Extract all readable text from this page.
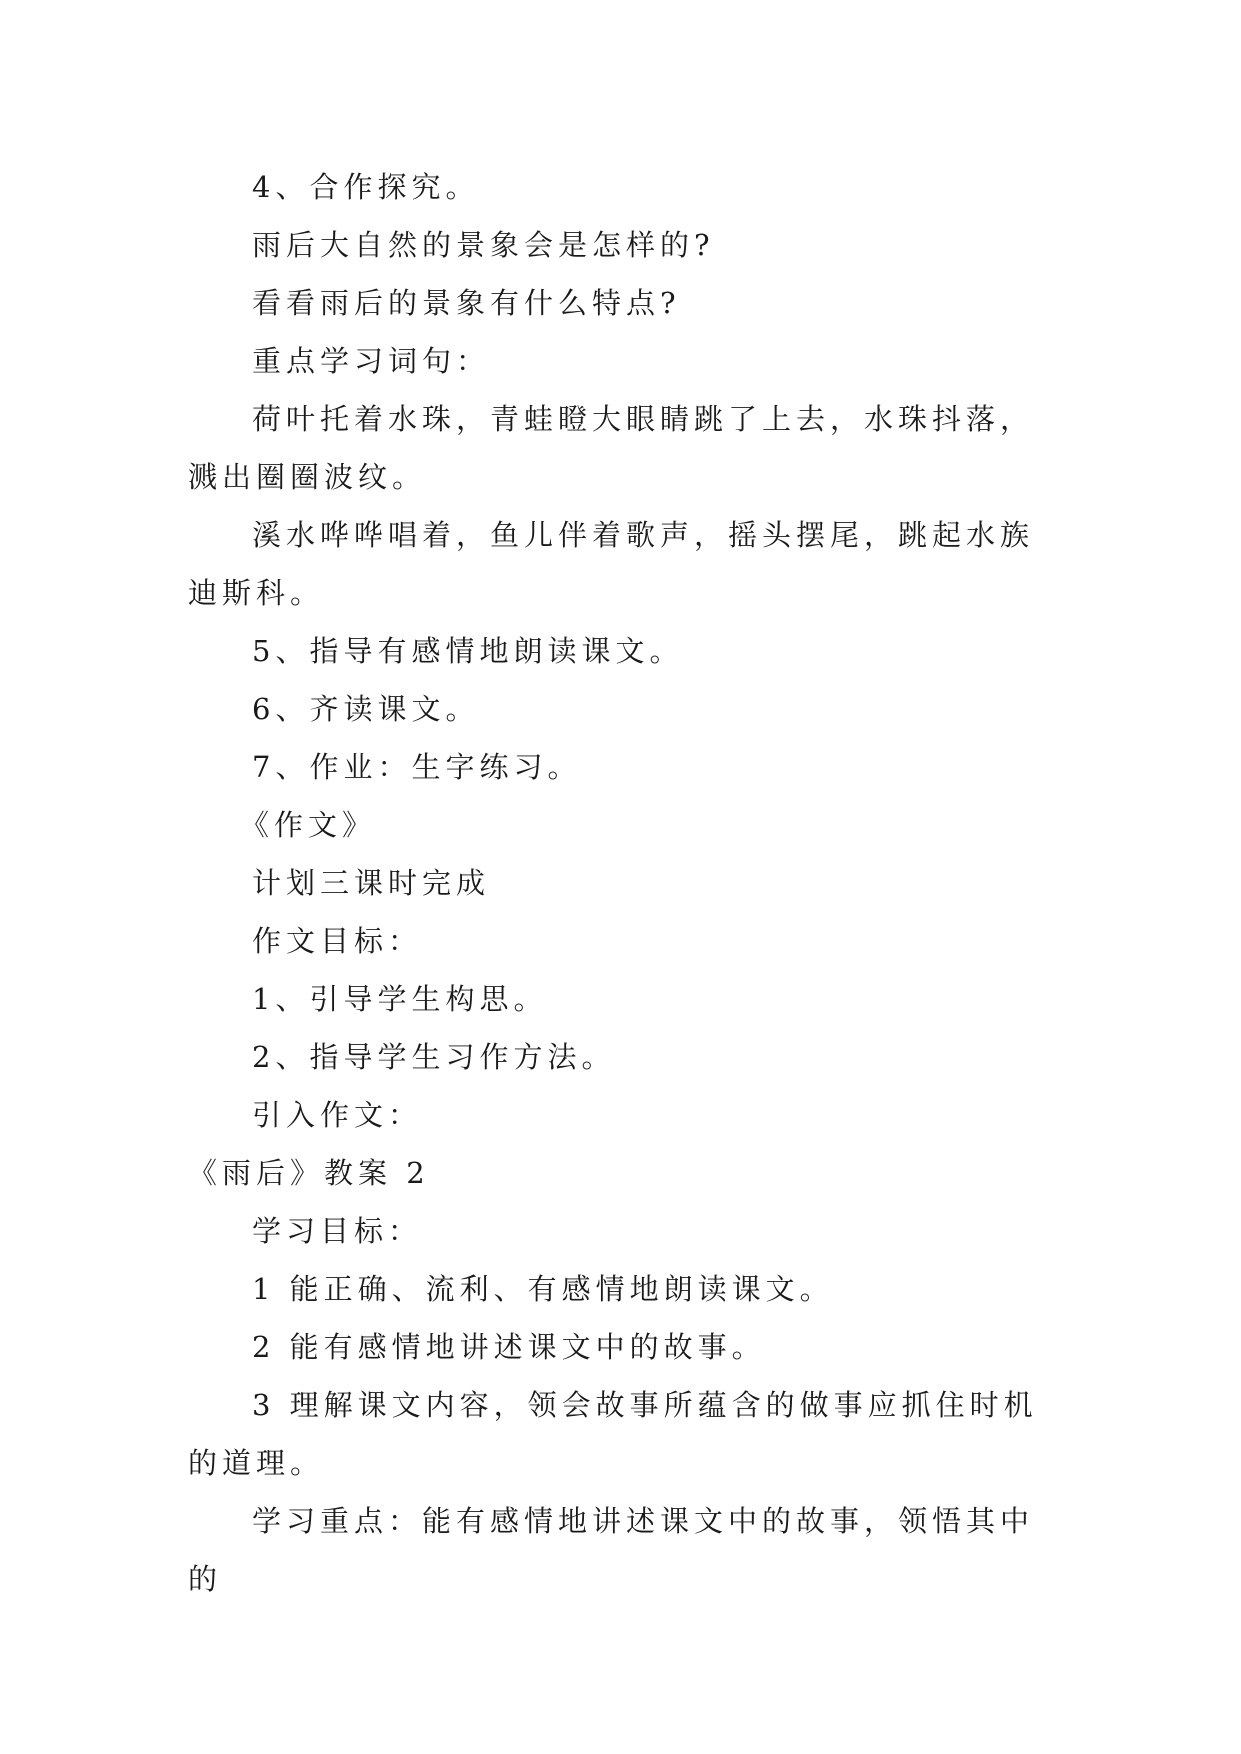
4、合作探究。

雨后大自然的景象会是怎样的?

看看雨后的景象有什么特点?

重点学习词句：

荷叶托着水珠，青蛙瞪大眼睛跳了上去，水珠抖落，溅出圈圈波纹。

溪水哗哗唱着，鱼儿伴着歌声，摇头摆尾，跳起水族迪斯科。

5、指导有感情地朗读课文。

6、齐读课文。

7、作业：生字练习。

《作文》

计划三课时完成

作文目标：

1、引导学生构思。

2、指导学生习作方法。

引入作文：

《雨后》教案 2

学习目标：

1 能正确、流利、有感情地朗读课文。

2 能有感情地讲述课文中的故事。

3 理解课文内容，领会故事所蕴含的做事应抓住时机的道理。

学习重点：能有感情地讲述课文中的故事，领悟其中的
